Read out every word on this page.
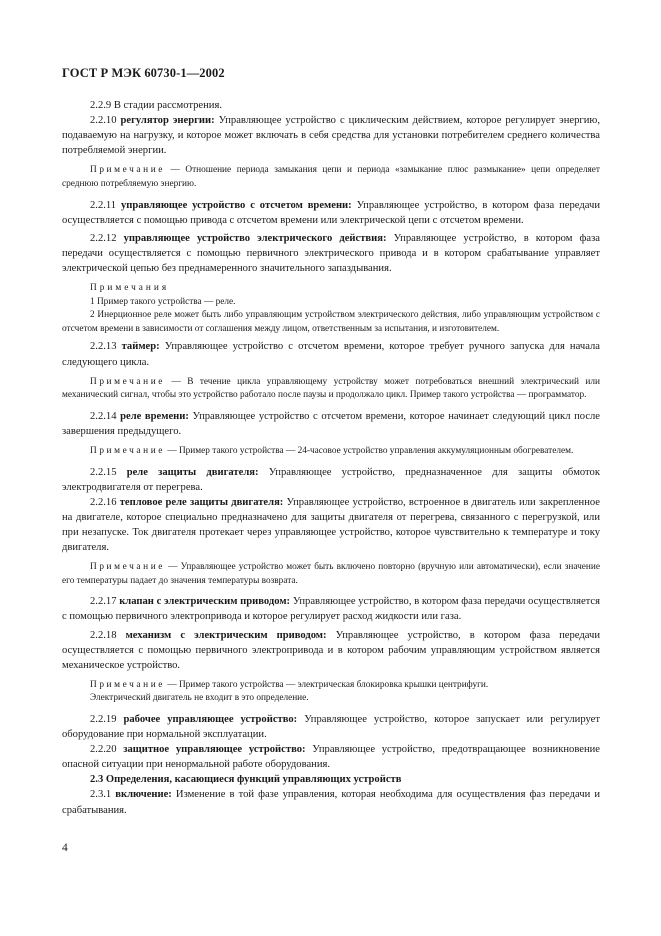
ГОСТ Р МЭК 60730-1—2002

2.2.9 В стадии рассмотрения.

2.2.10 регулятор энергии: Управляющее устройство с циклическим действием, которое регулирует энергию, подаваемую на нагрузку, и которое может включать в себя средства для установки потребителем среднего количества потребляемой энергии.

Примечание — Отношение периода замыкания цепи и периода «замыкание плюс размыкание» цепи определяет среднюю потребляемую энергию.

2.2.11 управляющее устройство с отсчетом времени: Управляющее устройство, в котором фаза передачи осуществляется с помощью привода с отсчетом времени или электрической цепи с отсчетом времени.

2.2.12 управляющее устройство электрического действия: Управляющее устройство, в котором фаза передачи осуществляется с помощью первичного электрического привода и в котором срабатывание управляет электрической цепью без преднамеренного значительного запаздывания.

Примечания

1 Пример такого устройства — реле.

2 Инерционное реле может быть либо управляющим устройством электрического действия, либо управляющим устройством с отсчетом времени в зависимости от соглашения между лицом, ответственным за испытания, и изготовителем.

2.2.13 таймер: Управляющее устройство с отсчетом времени, которое требует ручного запуска для начала следующего цикла.

Примечание — В течение цикла управляющему устройству может потребоваться внешний электрический или механический сигнал, чтобы это устройство работало после паузы и продолжало цикл. Пример такого устройства — программатор.

2.2.14 реле времени: Управляющее устройство с отсчетом времени, которое начинает следующий цикл после завершения предыдущего.

Примечание — Пример такого устройства — 24-часовое устройство управления аккумуляционным обогревателем.

2.2.15 реле защиты двигателя: Управляющее устройство, предназначенное для защиты обмоток электродвигателя от перегрева.

2.2.16 тепловое реле защиты двигателя: Управляющее устройство, встроенное в двигатель или закрепленное на двигателе, которое специально предназначено для защиты двигателя от перегрева, связанного с перегрузкой, или при незапуске. Ток двигателя протекает через управляющее устройство, которое чувствительно к температуре и току двигателя.

Примечание — Управляющее устройство может быть включено повторно (вручную или автоматически), если значение его температуры падает до значения температуры возврата.

2.2.17 клапан с электрическим приводом: Управляющее устройство, в котором фаза передачи осуществляется с помощью первичного электропривода и которое регулирует расход жидкости или газа.

2.2.18 механизм с электрическим приводом: Управляющее устройство, в котором фаза передачи осуществляется с помощью первичного электропривода и в котором рабочим управляющим устройством является механическое устройство.

Примечание — Пример такого устройства — электрическая блокировка крышки центрифуги.

Электрический двигатель не входит в это определение.

2.2.19 рабочее управляющее устройство: Управляющее устройство, которое запускает или регулирует оборудование при нормальной эксплуатации.

2.2.20 защитное управляющее устройство: Управляющее устройство, предотвращающее возникновение опасной ситуации при ненормальной работе оборудования.

2.3 Определения, касающиеся функций управляющих устройств

2.3.1 включение: Изменение в той фазе управления, которая необходима для осуществления фаз передачи и срабатывания.

4
